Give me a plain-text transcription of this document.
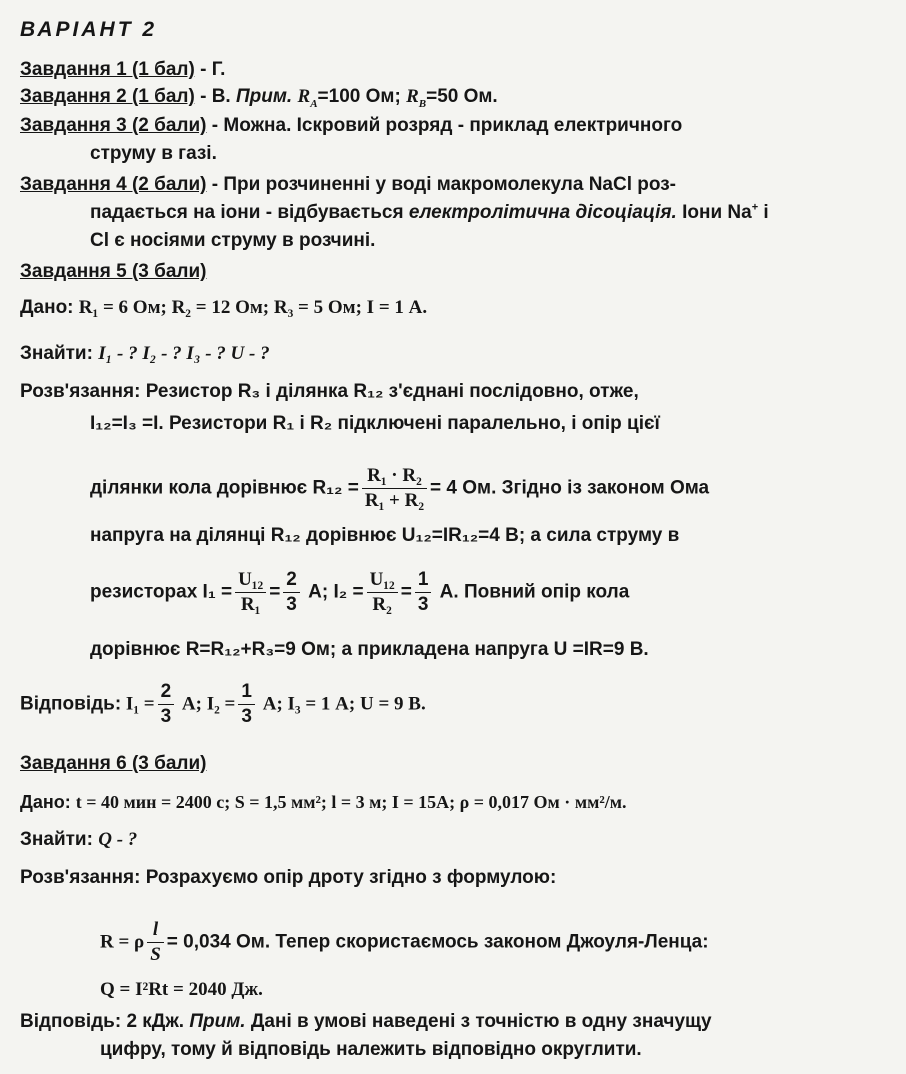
ВАРІАНТ 2
Завдання 1 (1 бал) - Г.
Завдання 2 (1 бал) - В. Прим. $R_A=100$ Ом; $R_B=50$ Ом.
Завдання 3 (2 бали) - Можна. Іскровий розряд - приклад електричного
струму в газі.
Завдання 4 (2 бали) - При розчиненні у воді макромолекула NaCl роз-
падається на іони - відбувається електролітична дісоціація. Іони Na+ і
Cl є носіями струму в розчині.
Завдання 5 (3 бали)
Дано: R₁ = 6 Ом; R₂ = 12 Ом; R₃ = 5 Ом; I = 1 А.
Знайти: I₁ - ? I₂ - ? I₃ - ? U - ?
Розв'язання: Резистор R₃ і ділянка R₁₂ з'єднані послідовно, отже,
I₁₂=I₃ =I. Резистори R₁ і R₂ підключені паралельно, і опір цієї
ділянки кола дорівнює $R_{12} = \frac{\text{R₁ · R₂}}{\text{R₁ + R₂}} = 4$ Ом. Згідно із законом Ома
напруга на ділянці R₁₂ дорівнює U₁₂=IR₁₂=4 В; а сила струму в
резисторах $I_1 = \frac{\text{U₁₂}}{\text{R₁}} = \frac{2}{3} А$; $I_2 = \frac{\text{U₁₂}}{\text{R₂}} = \frac{1}{3} А$. Повний опір кола
дорівнює R=R₁₂+R₃=9 Ом; а прикладена напруга U =IR=9 В.
Відповідь: $I_1 = \frac{2}{3} А$; $I_2 = \frac{1}{3} А$; I₃ = 1 А; U = 9 В.
Завдання 6 (3 бали)
Дано: t = 40 мин = 2400 с; S = 1,5 мм²; l = 3 м; I = 15А; ρ = 0,017 Ом · мм²/м.
Знайти: Q - ?
Розв'язання: Розрахуємо опір дроту згідно з формулою:
R = ρ $\frac{l}{S} = 0,034$ Ом. Тепер скористаємось законом Джоуля-Ленца:
Q = I²Rt = 2040 Дж.
Відповідь: 2 кДж. Прим. Дані в умові наведені з точністю в одну значущу
цифру, тому й відповідь належить відповідно округлити.
